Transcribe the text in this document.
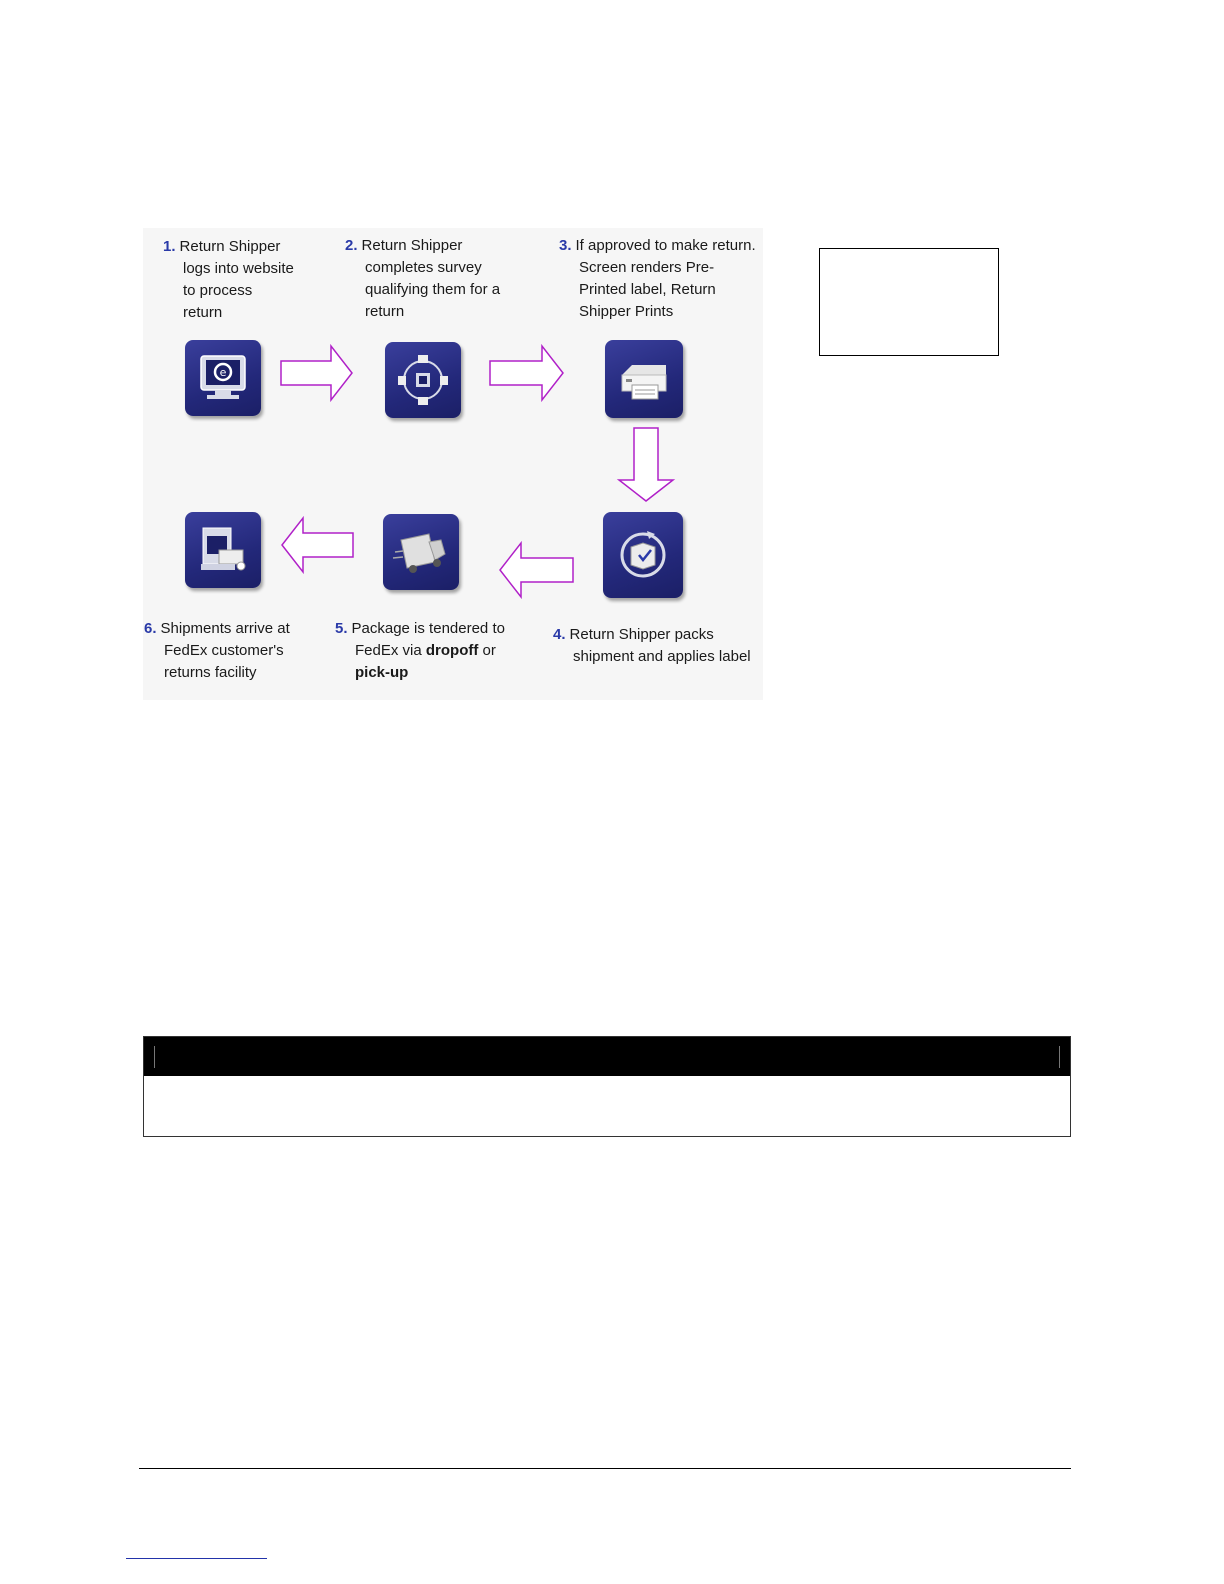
1. Return Shipper
logs into website
to process
return
2. Return Shipper
completes survey
qualifying them for a
return
3. If approved to make return.
Screen renders Pre-
Printed label, Return
Shipper Prints
e
6. Shipments arrive at
FedEx customer's
returns facility
5. Package is tendered to
FedEx via dropoff or
pick-up
4. Return Shipper packs
shipment and applies label
